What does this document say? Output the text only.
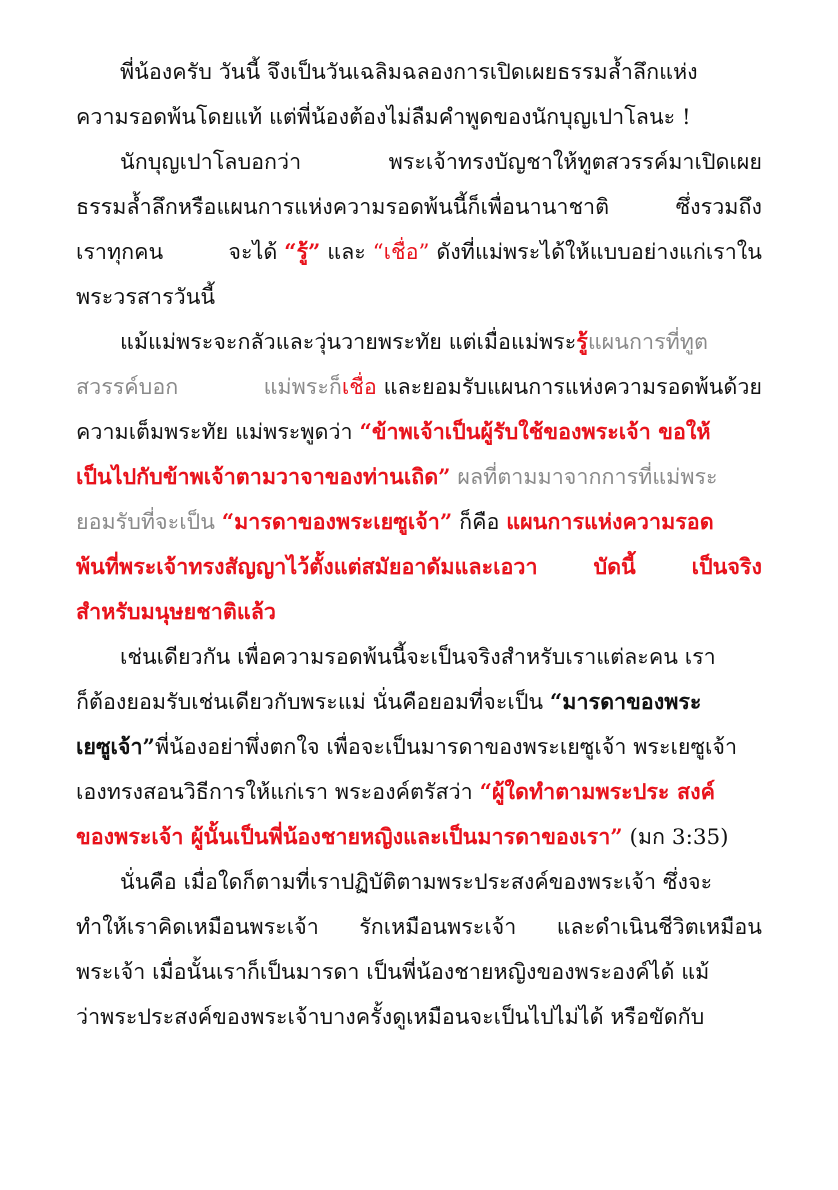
พี่น้องครับ วันนี้ จึงเป็นวันเฉลิมฉลองการเปิดเผยธรรมล้ำลึกแห่ง
ความรอดพ้นโดยแท้ แต่พี่น้องต้องไม่ลืมคำพูดของนักบุญเปาโลนะ !
นักบุญเปาโลบอกว่า	พระเจ้าทรงบัญชาให้ทูตสวรรค์มาเปิดเผย
ธรรมล้ำลึกหรือแผนการแห่งความรอดพ้นนี้ก็เพื่อนานาชาติ	ซึ่งรวมถึง
เราทุกคน	จะได้ “รู้” และ “เชื่อ” ดังที่แม่พระได้ให้แบบอย่างแก่เราใน
พระวรสารวันนี้
แม้แม่พระจะกลัวและวุ่นวายพระทัย แต่เมื่อแม่พระรู้แผนการที่ทูต
สวรรค์บอก	แม่พระก็เชื่อ และยอมรับแผนการแห่งความรอดพ้นด้วย
ความเต็มพระทัย แม่พระพูดว่า “ข้าพเจ้าเป็นผู้รับใช้ของพระเจ้า ขอให้
เป็นไปกับข้าพเจ้าตามวาจาของท่านเถิด” ผลที่ตามมาจากการที่แม่พระ
ยอมรับที่จะเป็น “มารดาของพระเยซูเจ้า” ก็คือ แผนการแห่งความรอด
พ้นที่พระเจ้าทรงสัญญาไว้ตั้งแต่สมัยอาดัมและเอวา	บัดนี้	เป็นจริง
สำหรับมนุษยชาติแล้ว
เช่นเดียวกัน เพื่อความรอดพ้นนี้จะเป็นจริงสำหรับเราแต่ละคน เรา
ก็ต้องยอมรับเช่นเดียวกับพระแม่ นั่นคือยอมที่จะเป็น “มารดาของพระ
เยซูเจ้า”พี่น้องอย่าพึ่งตกใจ เพื่อจะเป็นมารดาของพระเยซูเจ้า พระเยซูเจ้า
เองทรงสอนวิธีการให้แก่เรา พระองค์ตรัสว่า “ผู้ใดทำตามพระประ สงค์
ของพระเจ้า ผู้นั้นเป็นพี่น้องชายหญิงและเป็นมารดาของเรา” (มก 3:35)
นั่นคือ เมื่อใดก็ตามที่เราปฏิบัติตามพระประสงค์ของพระเจ้า ซึ่งจะ
ทำให้เราคิดเหมือนพระเจ้า รักเหมือนพระเจ้า และดำเนินชีวิตเหมือน
พระเจ้า เมื่อนั้นเราก็เป็นมารดา เป็นพี่น้องชายหญิงของพระองค์ได้ แม้
ว่าพระประสงค์ของพระเจ้าบางครั้งดูเหมือนจะเป็นไปไม่ได้ หรือขัดกับ
